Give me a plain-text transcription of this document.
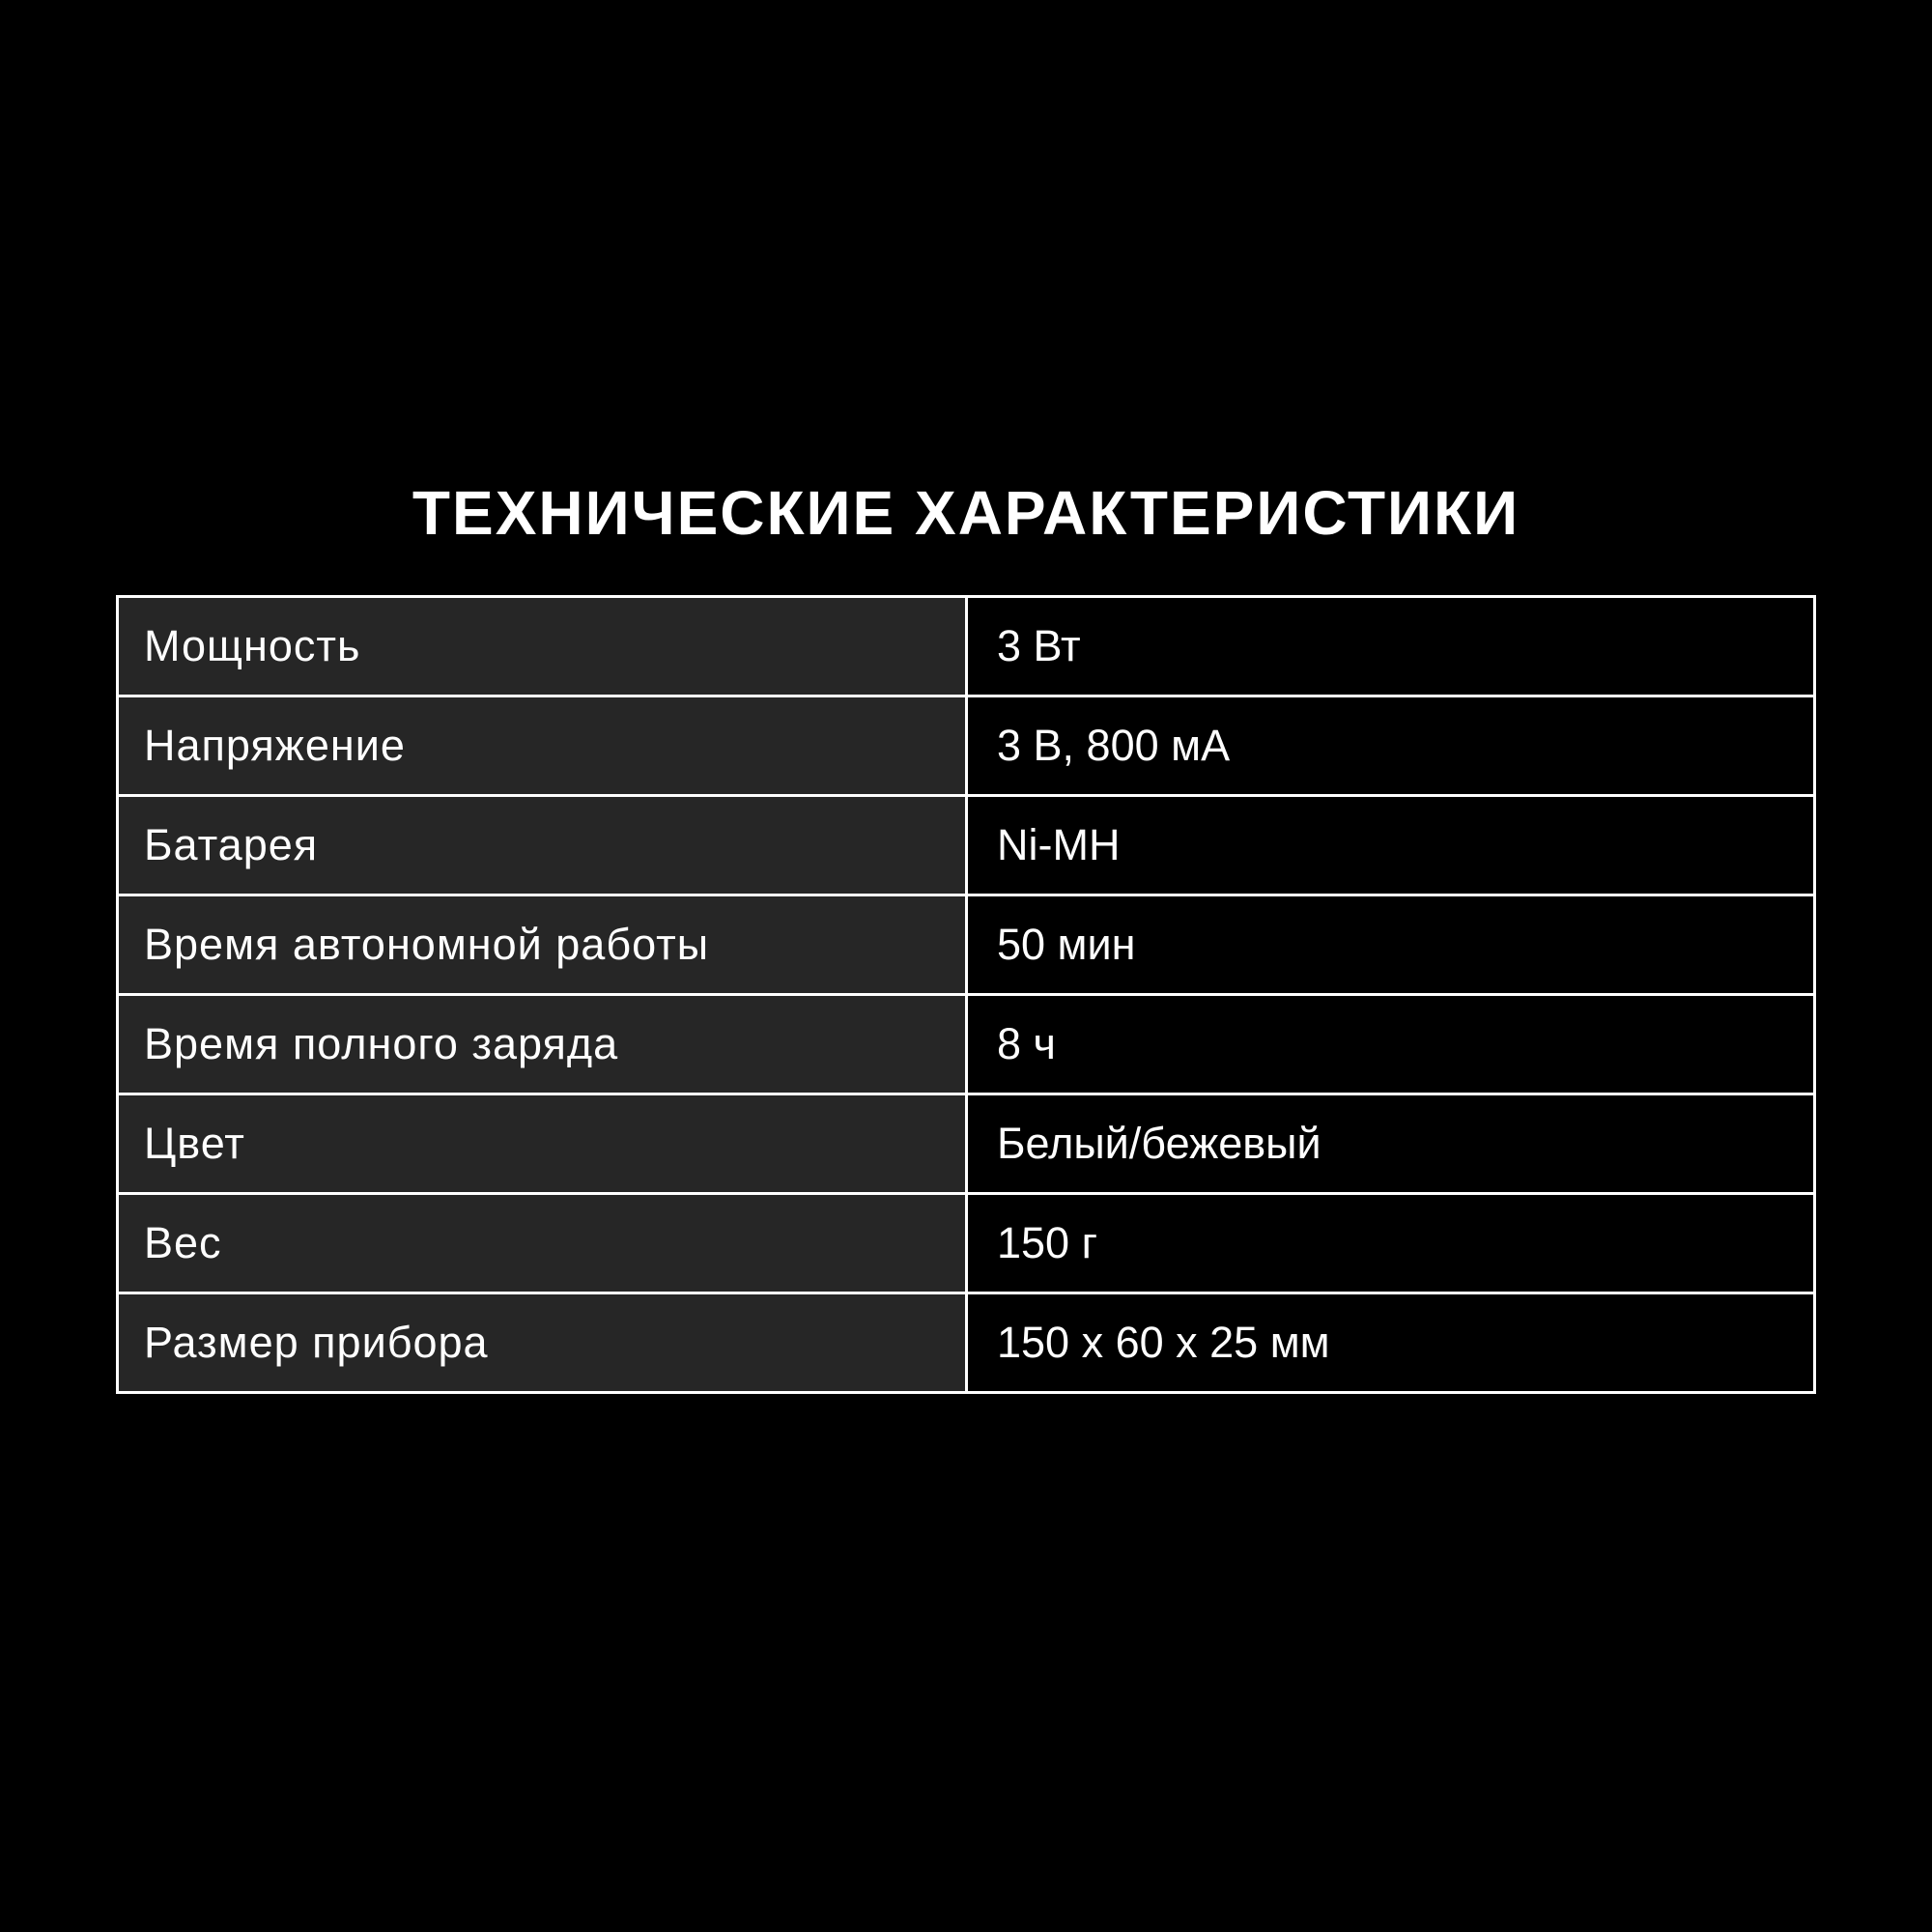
ТЕХНИЧЕСКИЕ ХАРАКТЕРИСТИКИ
Мощность	3 Вт
Напряжение	3 В, 800 мА
Батарея	Ni-MH
Время автономной работы	50 мин
Время полного заряда	8 ч
Цвет	Белый/бежевый
Вес	150 г
Размер прибора	150 x 60 x 25 мм
